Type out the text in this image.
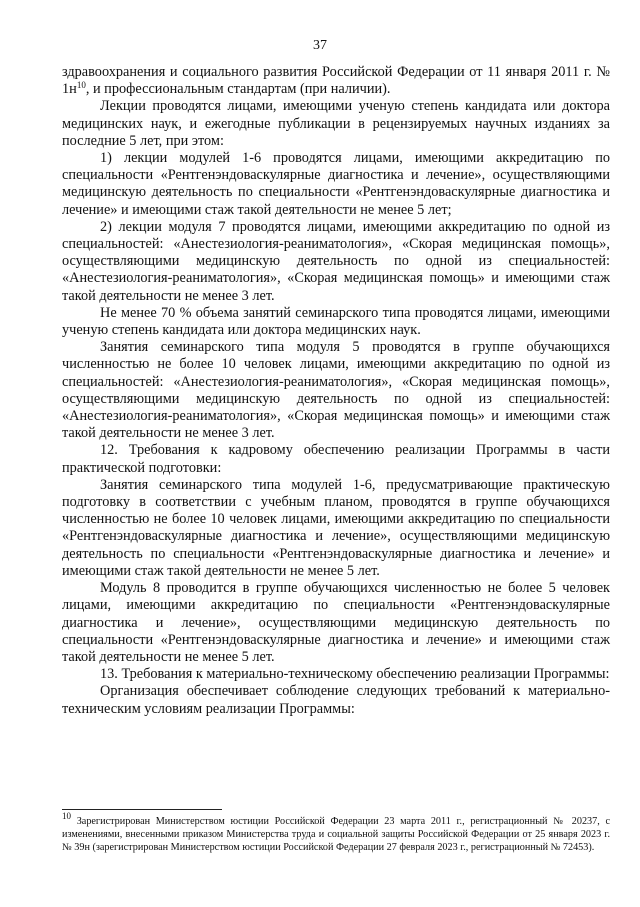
37

здравоохранения и социального развития Российской Федерации от 11 января 2011 г. № $1н^{10}$, и профессиональным стандартам (при наличии).

Лекции проводятся лицами, имеющими ученую степень кандидата или доктора медицинских наук, и ежегодные публикации в рецензируемых научных изданиях за последние 5 лет, при этом:

1) лекции модулей 1-6 проводятся лицами, имеющими аккредитацию по специальности «Рентгенэндоваскулярные диагностика и лечение», осуществляющими медицинскую деятельность по специальности «Рентгенэндоваскулярные диагностика и лечение» и имеющими стаж такой деятельности не менее 5 лет;

2) лекции модуля 7 проводятся лицами, имеющими аккредитацию по одной из специальностей: «Анестезиология-реаниматология», «Скорая медицинская помощь», осуществляющими медицинскую деятельность по одной из специальностей: «Анестезиология-реаниматология», «Скорая медицинская помощь» и имеющими стаж такой деятельности не менее 3 лет.

Не менее 70 % объема занятий семинарского типа проводятся лицами, имеющими ученую степень кандидата или доктора медицинских наук.

Занятия семинарского типа модуля 5 проводятся в группе обучающихся численностью не более 10 человек лицами, имеющими аккредитацию по одной из специальностей: «Анестезиология-реаниматология», «Скорая медицинская помощь», осуществляющими медицинскую деятельность по одной из специальностей: «Анестезиология-реаниматология», «Скорая медицинская помощь» и имеющими стаж такой деятельности не менее 3 лет.

12. Требования к кадровому обеспечению реализации Программы в части практической подготовки:

Занятия семинарского типа модулей 1-6, предусматривающие практическую подготовку в соответствии с учебным планом, проводятся в группе обучающихся численностью не более 10 человек лицами, имеющими аккредитацию по специальности «Рентгенэндоваскулярные диагностика и лечение», осуществляющими медицинскую деятельность по специальности «Рентгенэндоваскулярные диагностика и лечение» и имеющими стаж такой деятельности не менее 5 лет.

Модуль 8 проводится в группе обучающихся численностью не более 5 человек лицами, имеющими аккредитацию по специальности «Рентгенэндоваскулярные диагностика и лечение», осуществляющими медицинскую деятельность по специальности «Рентгенэндоваскулярные диагностика и лечение» и имеющими стаж такой деятельности не менее 5 лет.

13. Требования к материально-техническому обеспечению реализации Программы:

Организация обеспечивает соблюдение следующих требований к материально-техническим условиям реализации Программы:

$^{10}$ Зарегистрирован Министерством юстиции Российской Федерации 23 марта 2011 г., регистрационный № 20237, с изменениями, внесенными приказом Министерства труда и социальной защиты Российской Федерации от 25 января 2023 г. № 39н (зарегистрирован Министерством юстиции Российской Федерации 27 февраля 2023 г., регистрационный № 72453).
